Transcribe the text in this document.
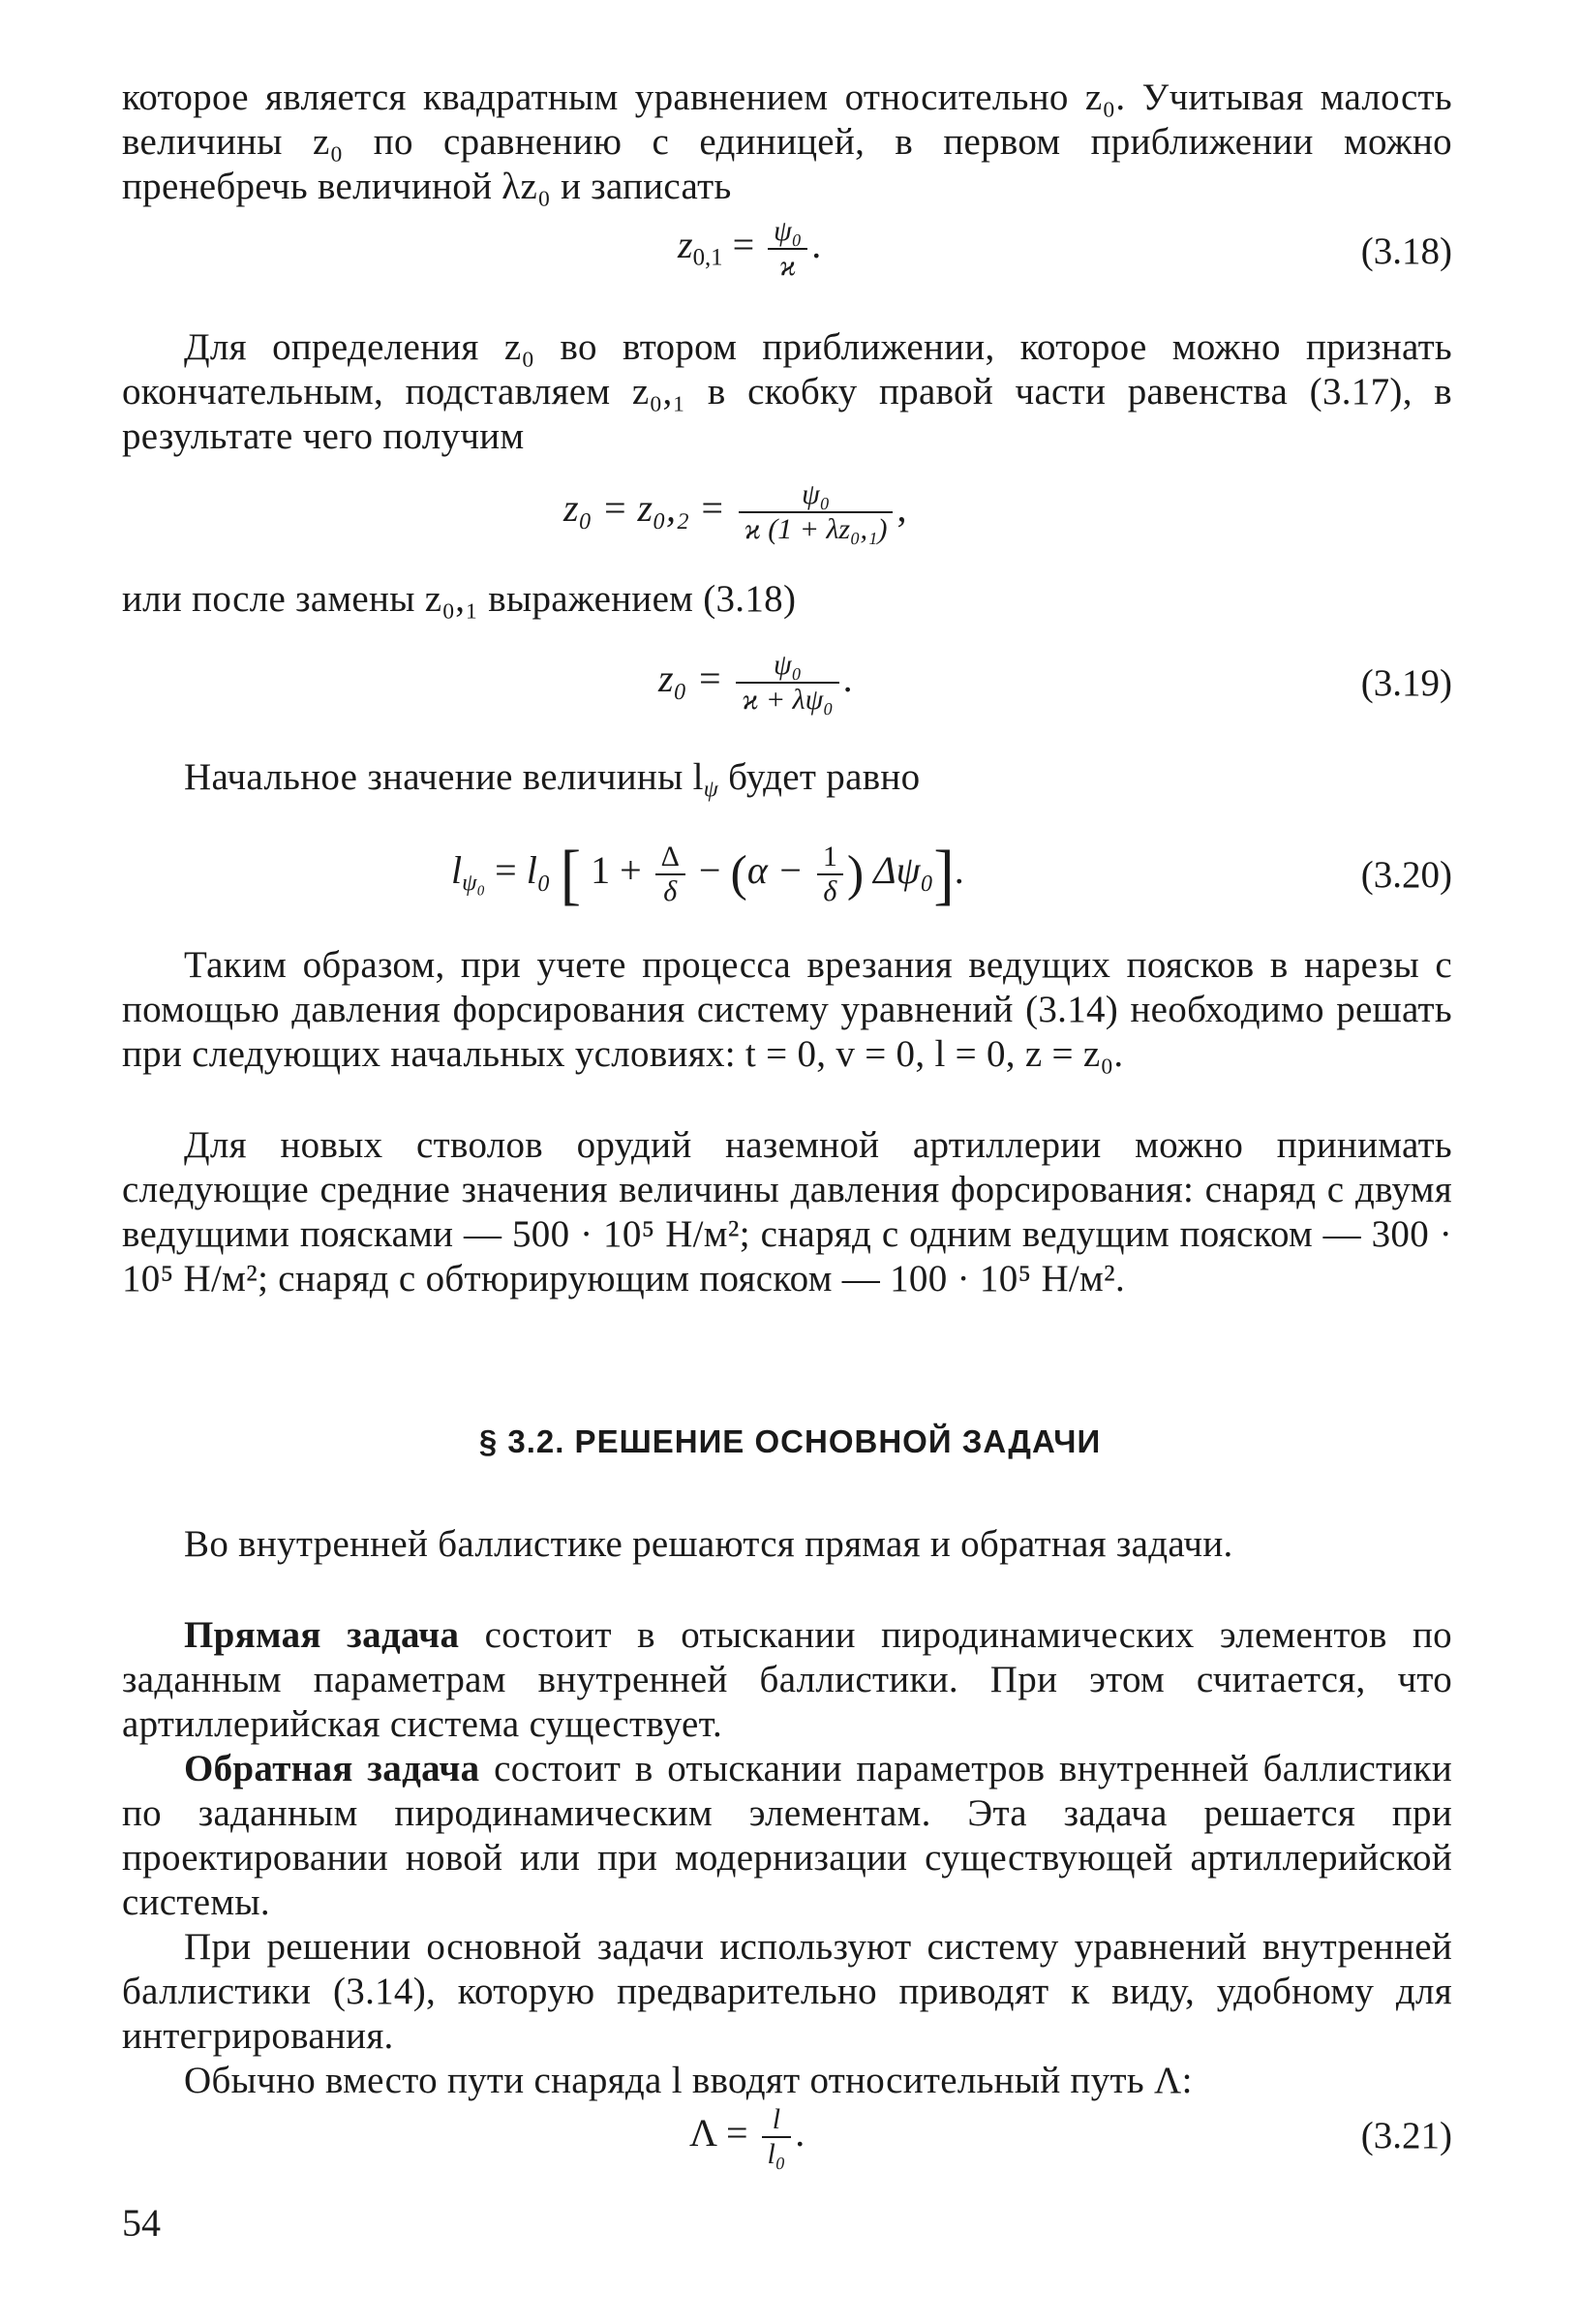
которое является квадратным уравнением относительно z₀. Учитывая малость величины z₀ по сравнению с единицей, в первом приближении можно пренебречь величиной λz₀ и записать

$z_{0,1} = \frac{\text{ψ₀}}{ϰ}$ .	(3.18)

Для определения z₀ во втором приближении, которое можно признать окончательным, подставляем z₀,₁ в скобку правой части равенства (3.17), в результате чего получим

$z_0 = z_0,_2 = \frac{\text{ψ₀}}{\text{ϰ (1 + λz₀,₁)}}$ ,

или после замены z₀,₁ выражением (3.18)

$z_0 = \frac{\text{ψ₀}}{\text{ϰ + λψ₀}}$ .	(3.19)

Начальное значение величины $l_\psi$ будет равно

$l_{\psi_0} = l_0$ [ $1 + \frac{\Delta}{\delta} - (\alpha - \frac{1}{\delta}$ ) Δψ₀].	(3.20)

Таким образом, при учете процесса врезания ведущих поясков в нарезы с помощью давления форсирования систему уравнений (3.14) необходимо решать при следующих начальных условиях: t = 0, v = 0, l = 0, z = z₀.

Для новых стволов орудий наземной артиллерии можно принимать следующие средние значения величины давления форсирования: снаряд с двумя ведущими поясками — 500 · 10⁵ Н/м²; снаряд с одним ведущим пояском — 300 · 10⁵ Н/м²; снаряд с обтюрирующим пояском — 100 · 10⁵ Н/м².

§ 3.2. РЕШЕНИЕ ОСНОВНОЙ ЗАДАЧИ

Во внутренней баллистике решаются прямая и обратная задачи.

Прямая задача состоит в отыскании пиродинамических элементов по заданным параметрам внутренней баллистики. При этом считается, что артиллерийская система существует.

Обратная задача состоит в отыскании параметров внутренней баллистики по заданным пиродинамическим элементам. Эта задача решается при проектировании новой или при модернизации существующей артиллерийской системы.

При решении основной задачи используют систему уравнений внутренней баллистики (3.14), которую предварительно приводят к виду, удобному для интегрирования.

Обычно вместо пути снаряда l вводят относительный путь Λ:

$\Lambda = \frac{l}{\text{l₀}}$ .	(3.21)
54
